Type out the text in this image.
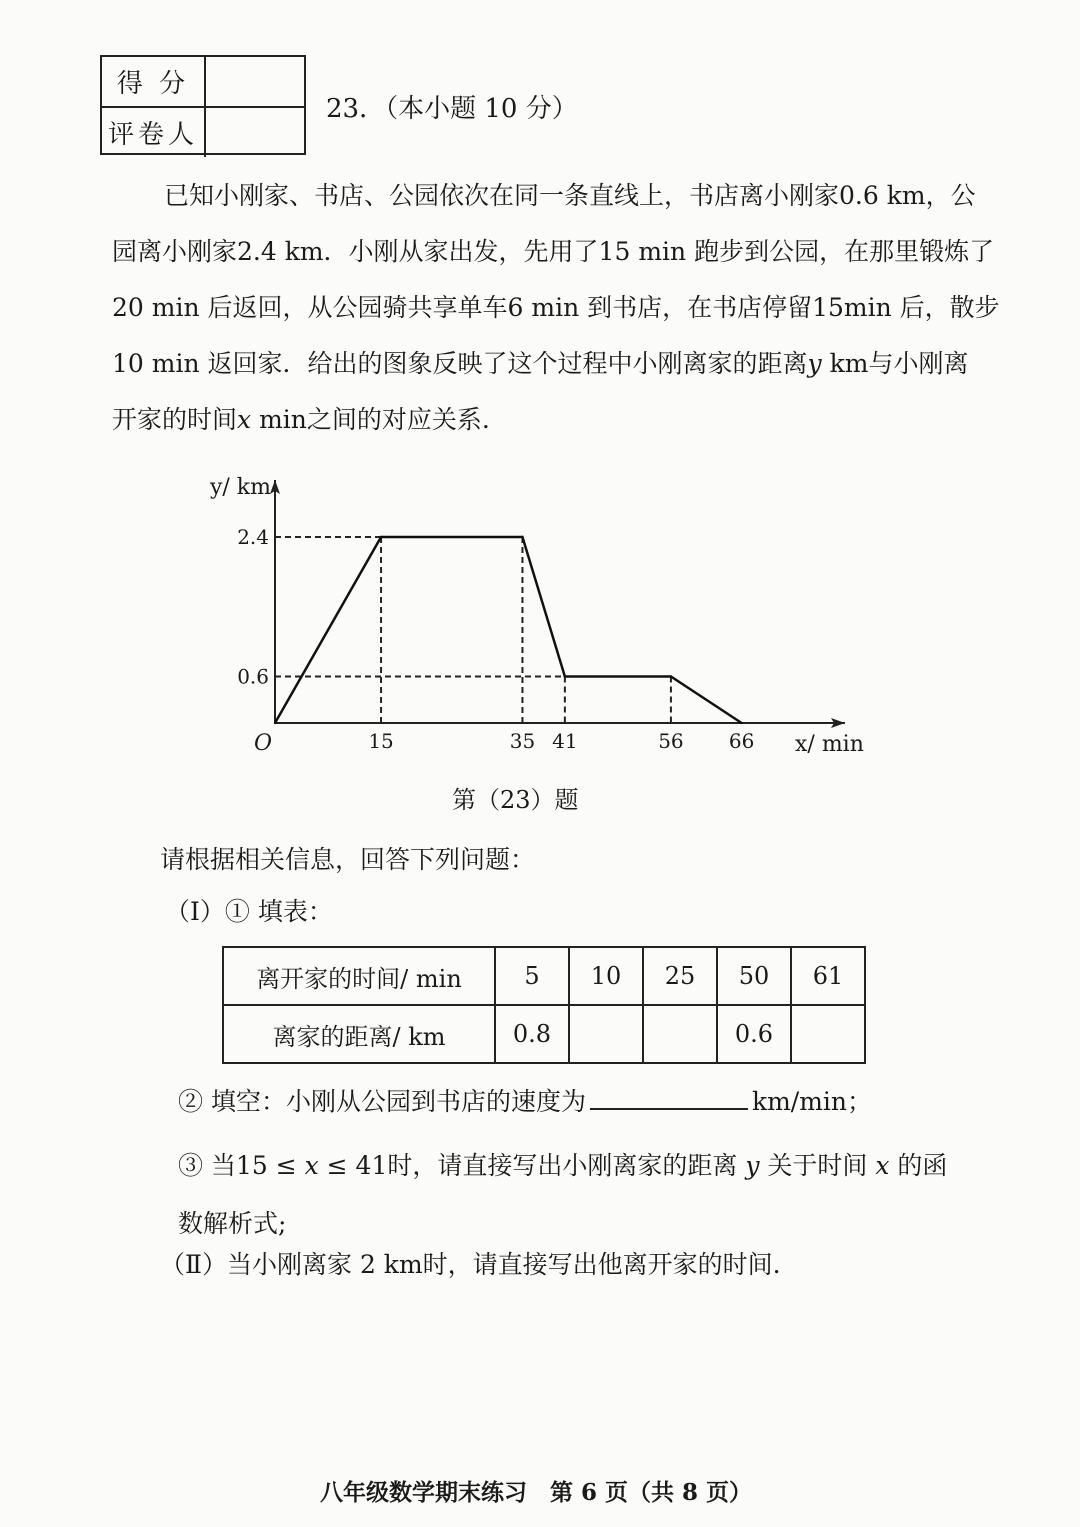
得 分
评卷人
23．（本小题 10 分）
已知小刚家、书店、公园依次在同一条直线上，书店离小刚家0.6 km，公
园离小刚家2.4 km．小刚从家出发，先用了15 min 跑步到公园，在那里锻炼了
20 min 后返回，从公园骑共享单车6 min 到书店，在书店停留15min 后，散步
10 min 返回家．给出的图象反映了这个过程中小刚离家的距离y km与小刚离
开家的时间x min之间的对应关系.
15	35 41	56 66
0.6
2.4
O
y/ km
x/ min
第（23）题
请根据相关信息，回答下列问题：
（Ⅰ）① 填表：
离开家的时间/ min	5	10	25	50	61
离家的距离/ km	0.8			0.6	
② 填空：小刚从公园到书店的速度为	km/min；
③ 当15 ≤ x ≤ 41时，请直接写出小刚离家的距离 y 关于时间 x 的函
数解析式;
（Ⅱ）当小刚离家 2 km时，请直接写出他离开家的时间.
八年级数学期末练习　第 6 页（共 8 页）
